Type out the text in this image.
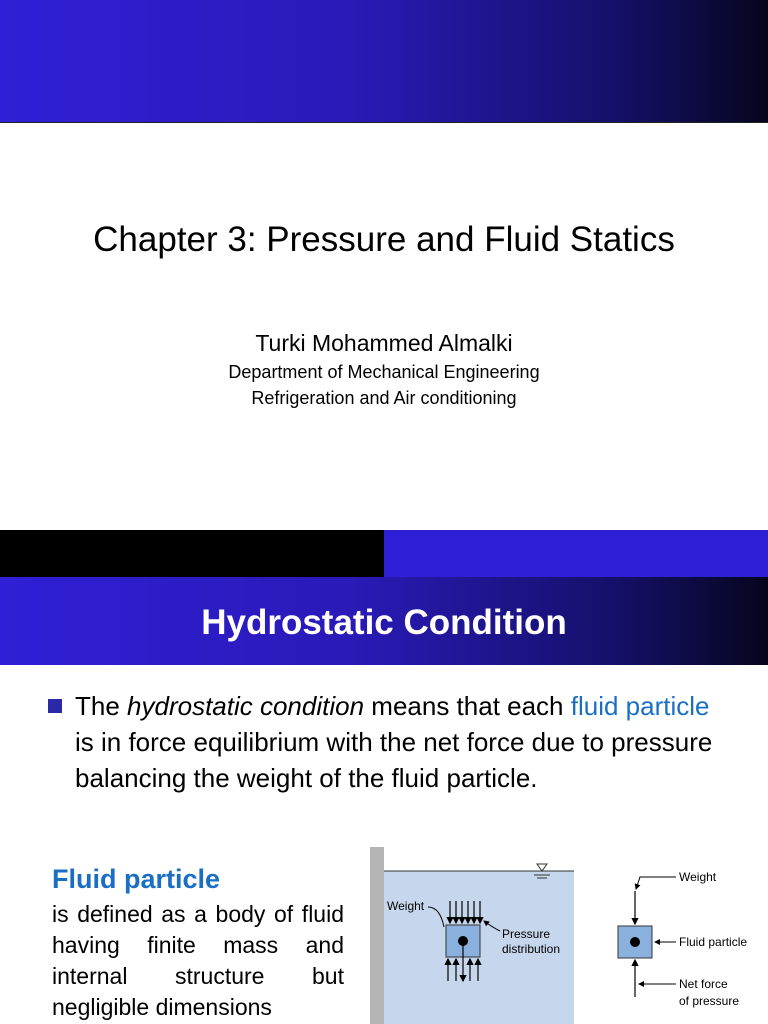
Chapter 3: Pressure and Fluid Statics
Turki Mohammed Almalki
Department of Mechanical Engineering
Refrigeration and Air conditioning
Hydrostatic Condition
The hydrostatic condition means that each fluid particle is in force equilibrium with the net force due to pressure balancing the weight of the fluid particle.
Fluid particle
is defined as a body of fluid having finite mass and internal structure but negligible dimensions
Weight
Pressure
distribution
Weight
Fluid particle
Net force
of pressure
